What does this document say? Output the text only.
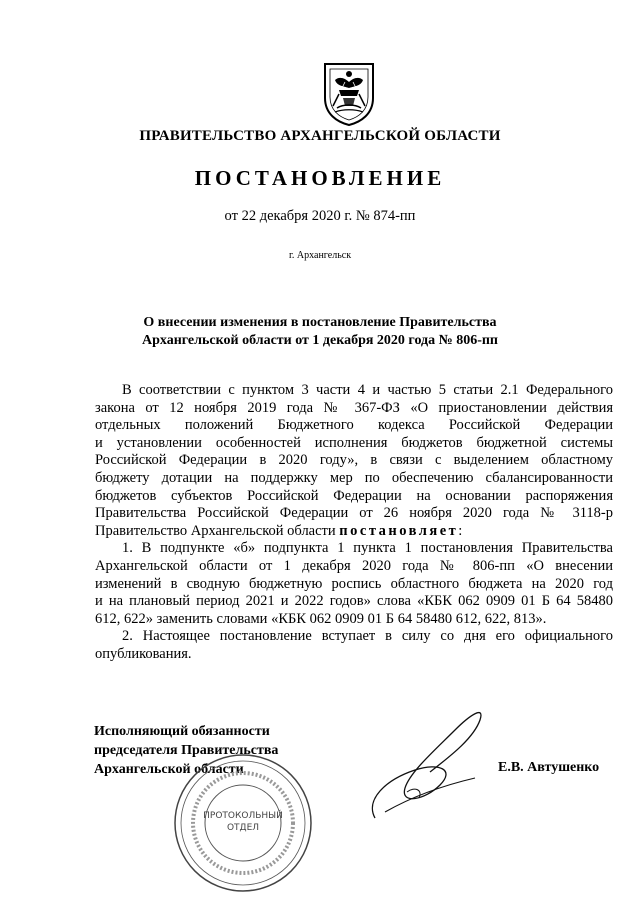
ПРАВИТЕЛЬСТВО АРХАНГЕЛЬСКОЙ ОБЛАСТИ
ПОСТАНОВЛЕНИЕ
от 22 декабря 2020 г. № 874-пп
г. Архангельск
О внесении изменения в постановление Правительства
Архангельской области от 1 декабря 2020 года № 806-пп
В соответствии с пунктом 3 части 4 и частью 5 статьи 2.1 Федерального
закона от 12 ноября 2019 года № 367-ФЗ «О приостановлении действия
отдельных положений Бюджетного кодекса Российской Федерации
и установлении особенностей исполнения бюджетов бюджетной системы
Российской Федерации в 2020 году», в связи с выделением областному
бюджету дотации на поддержку мер по обеспечению сбалансированности
бюджетов субъектов Российской Федерации на основании распоряжения
Правительства Российской Федерации от 26 ноября 2020 года № 3118-р
Правительство Архангельской области постановляет:
1. В подпункте «б» подпункта 1 пункта 1 постановления Правительства
Архангельской области от 1 декабря 2020 года № 806-пп «О внесении
изменений в сводную бюджетную роспись областного бюджета на 2020 год
и на плановый период 2021 и 2022 годов» слова «КБК 062 0909 01 Б 64 58480
612, 622» заменить словами «КБК 062 0909 01 Б 64 58480 612, 622, 813».
2. Настоящее постановление вступает в силу со дня его официального
опубликования.
Исполняющий обязанности
председателя Правительства
Архангельской области	Е.В. Автушенко
ПРОТОКОЛЬНЫЙ
ОТДЕЛ
